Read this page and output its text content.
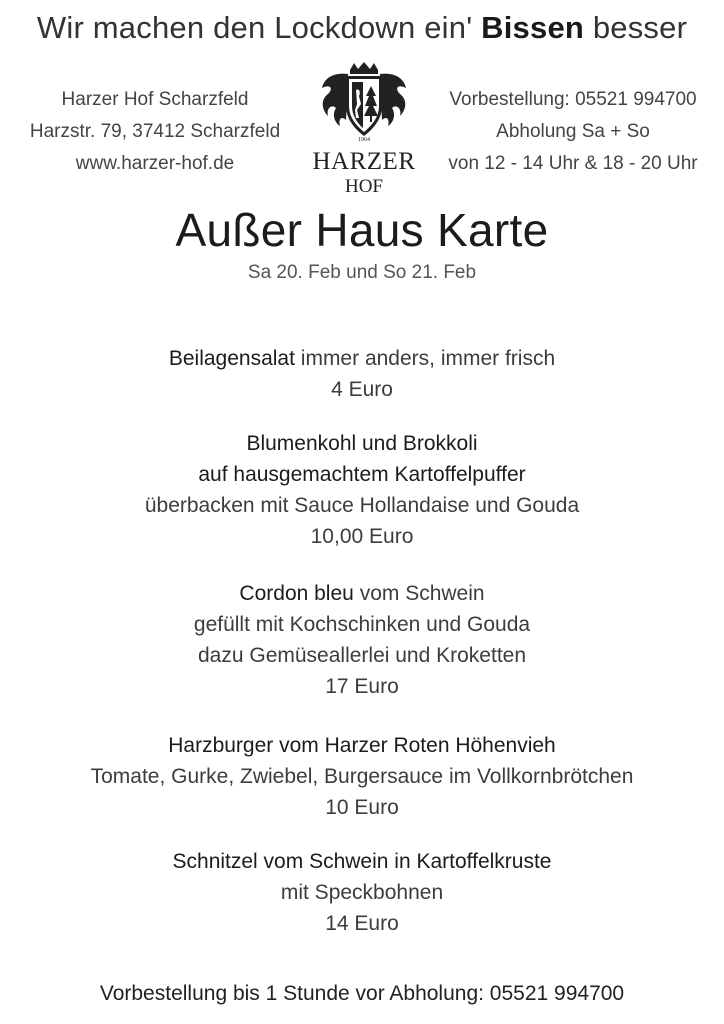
Wir machen den Lockdown ein' Bissen besser
Harzer Hof Scharzfeld
Harzstr. 79, 37412 Scharzfeld
www.harzer-hof.de
1964
HARZER
HOF
Vorbestellung: 05521 994700
Abholung Sa + So
von 12 - 14 Uhr & 18 - 20 Uhr
Außer Haus Karte
Sa 20. Feb und So 21. Feb
Beilagensalat immer anders, immer frisch
4 Euro
Blumenkohl und Brokkoli
auf hausgemachtem Kartoffelpuffer
überbacken mit Sauce Hollandaise und Gouda
10,00 Euro
Cordon bleu vom Schwein
gefüllt mit Kochschinken und Gouda
dazu Gemüseallerlei und Kroketten
17 Euro
Harzburger vom Harzer Roten Höhenvieh
Tomate, Gurke, Zwiebel, Burgersauce im Vollkornbrötchen
10 Euro
Schnitzel vom Schwein in Kartoffelkruste
mit Speckbohnen
14 Euro
Vorbestellung bis 1 Stunde vor Abholung: 05521 994700
